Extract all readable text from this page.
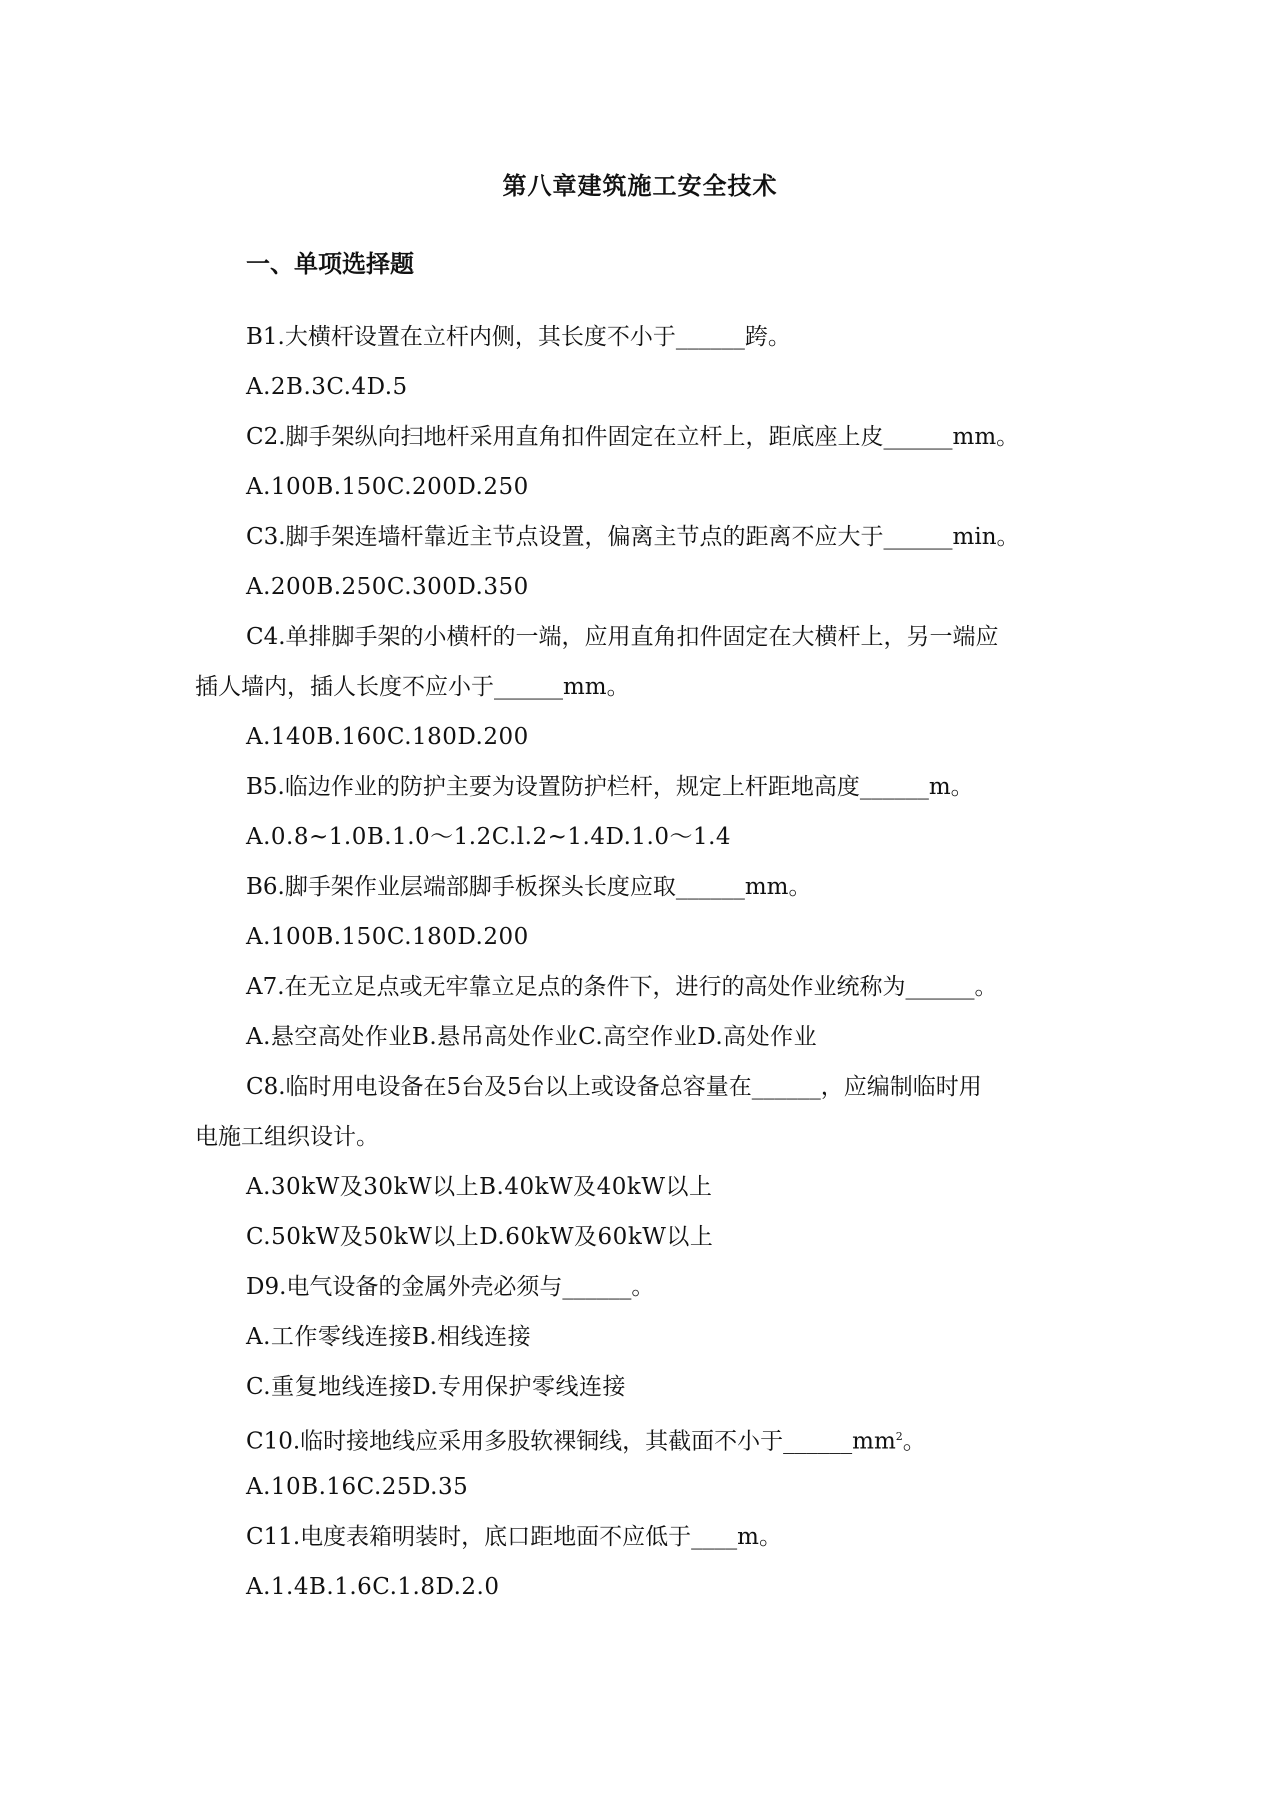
第八章建筑施工安全技术
一、单项选择题
B1.大横杆设置在立杆内侧，其长度不小于______跨。
A.2B.3C.4D.5
C2.脚手架纵向扫地杆采用直角扣件固定在立杆上，距底座上皮______mm。
A.100B.150C.200D.250
C3.脚手架连墙杆靠近主节点设置，偏离主节点的距离不应大于______min。
A.200B.250C.300D.350
C4.单排脚手架的小横杆的一端，应用直角扣件固定在大横杆上，另一端应
插人墙内，插人长度不应小于______mm。
A.140B.160C.180D.200
B5.临边作业的防护主要为设置防护栏杆，规定上杆距地高度______m。
A.0.8~1.0B.1.0～1.2C.l.2~1.4D.1.0～1.4
B6.脚手架作业层端部脚手板探头长度应取______mm。
A.100B.150C.180D.200
A7.在无立足点或无牢靠立足点的条件下，进行的高处作业统称为______。
A.悬空高处作业B.悬吊高处作业C.高空作业D.高处作业
C8.临时用电设备在5台及5台以上或设备总容量在______，应编制临时用
电施工组织设计。
A.30kW及30kW以上B.40kW及40kW以上
C.50kW及50kW以上D.60kW及60kW以上
D9.电气设备的金属外壳必须与______。
A.工作零线连接B.相线连接
C.重复地线连接D.专用保护零线连接
C10.临时接地线应采用多股软裸铜线，其截面不小于$\_\_\_\_\_\_mm^2$。
A.10B.16C.25D.35
C11.电度表箱明装时，底口距地面不应低于____m。
A.1.4B.1.6C.1.8D.2.0
